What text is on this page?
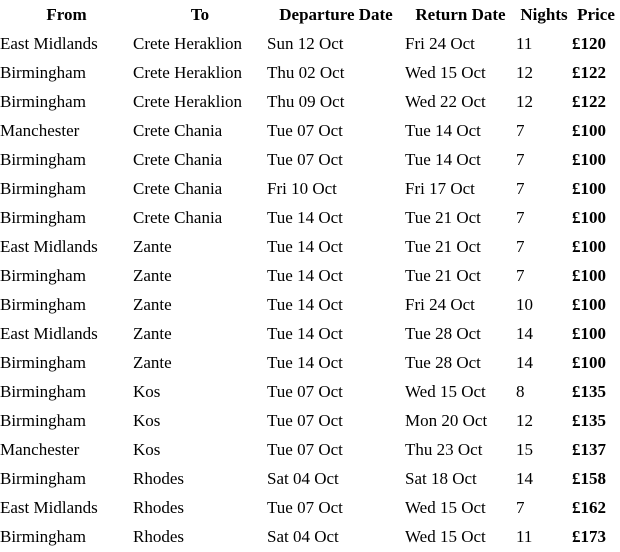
From	To	Departure Date	Return Date	Nights	Price
East Midlands	Crete Heraklion	Sun 12 Oct	Fri 24 Oct	11	£120
Birmingham	Crete Heraklion	Thu 02 Oct	Wed 15 Oct	12	£122
Birmingham	Crete Heraklion	Thu 09 Oct	Wed 22 Oct	12	£122
Manchester	Crete Chania	Tue 07 Oct	Tue 14 Oct	7	£100
Birmingham	Crete Chania	Tue 07 Oct	Tue 14 Oct	7	£100
Birmingham	Crete Chania	Fri 10 Oct	Fri 17 Oct	7	£100
Birmingham	Crete Chania	Tue 14 Oct	Tue 21 Oct	7	£100
East Midlands	Zante	Tue 14 Oct	Tue 21 Oct	7	£100
Birmingham	Zante	Tue 14 Oct	Tue 21 Oct	7	£100
Birmingham	Zante	Tue 14 Oct	Fri 24 Oct	10	£100
East Midlands	Zante	Tue 14 Oct	Tue 28 Oct	14	£100
Birmingham	Zante	Tue 14 Oct	Tue 28 Oct	14	£100
Birmingham	Kos	Tue 07 Oct	Wed 15 Oct	8	£135
Birmingham	Kos	Tue 07 Oct	Mon 20 Oct	12	£135
Manchester	Kos	Tue 07 Oct	Thu 23 Oct	15	£137
Birmingham	Rhodes	Sat 04 Oct	Sat 18 Oct	14	£158
East Midlands	Rhodes	Tue 07 Oct	Wed 15 Oct	7	£162
Birmingham	Rhodes	Sat 04 Oct	Wed 15 Oct	11	£173
